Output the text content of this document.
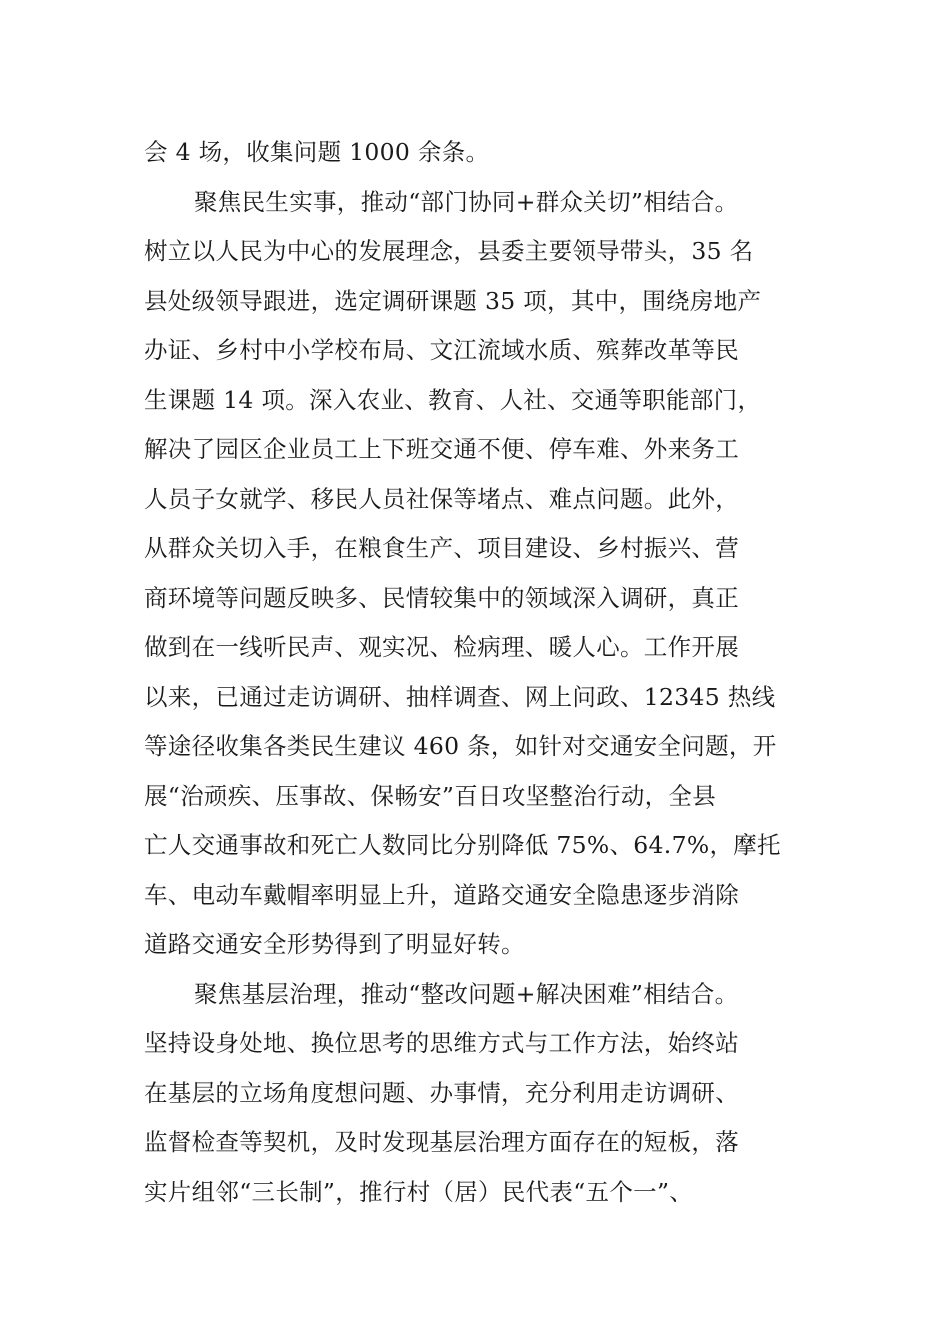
会 4 场，收集问题 1000 余条。
聚焦民生实事，推动“部门协同+群众关切”相结合。
树立以人民为中心的发展理念，县委主要领导带头，35 名
县处级领导跟进，选定调研课题 35 项，其中，围绕房地产
办证、乡村中小学校布局、文江流域水质、殡葬改革等民
生课题 14 项。深入农业、教育、人社、交通等职能部门，
解决了园区企业员工上下班交通不便、停车难、外来务工
人员子女就学、移民人员社保等堵点、难点问题。此外，
从群众关切入手，在粮食生产、项目建设、乡村振兴、营
商环境等问题反映多、民情较集中的领域深入调研，真正
做到在一线听民声、观实况、检病理、暖人心。工作开展
以来，已通过走访调研、抽样调查、网上问政、12345 热线
等途径收集各类民生建议 460 条，如针对交通安全问题，开
展“治顽疾、压事故、保畅安”百日攻坚整治行动，全县
亡人交通事故和死亡人数同比分别降低 75%、64.7%，摩托
车、电动车戴帽率明显上升，道路交通安全隐患逐步消除
道路交通安全形势得到了明显好转。
聚焦基层治理，推动“整改问题+解决困难”相结合。
坚持设身处地、换位思考的思维方式与工作方法，始终站
在基层的立场角度想问题、办事情，充分利用走访调研、
监督检查等契机，及时发现基层治理方面存在的短板，落
实片组邻“三长制”，推行村（居）民代表“五个一”、
